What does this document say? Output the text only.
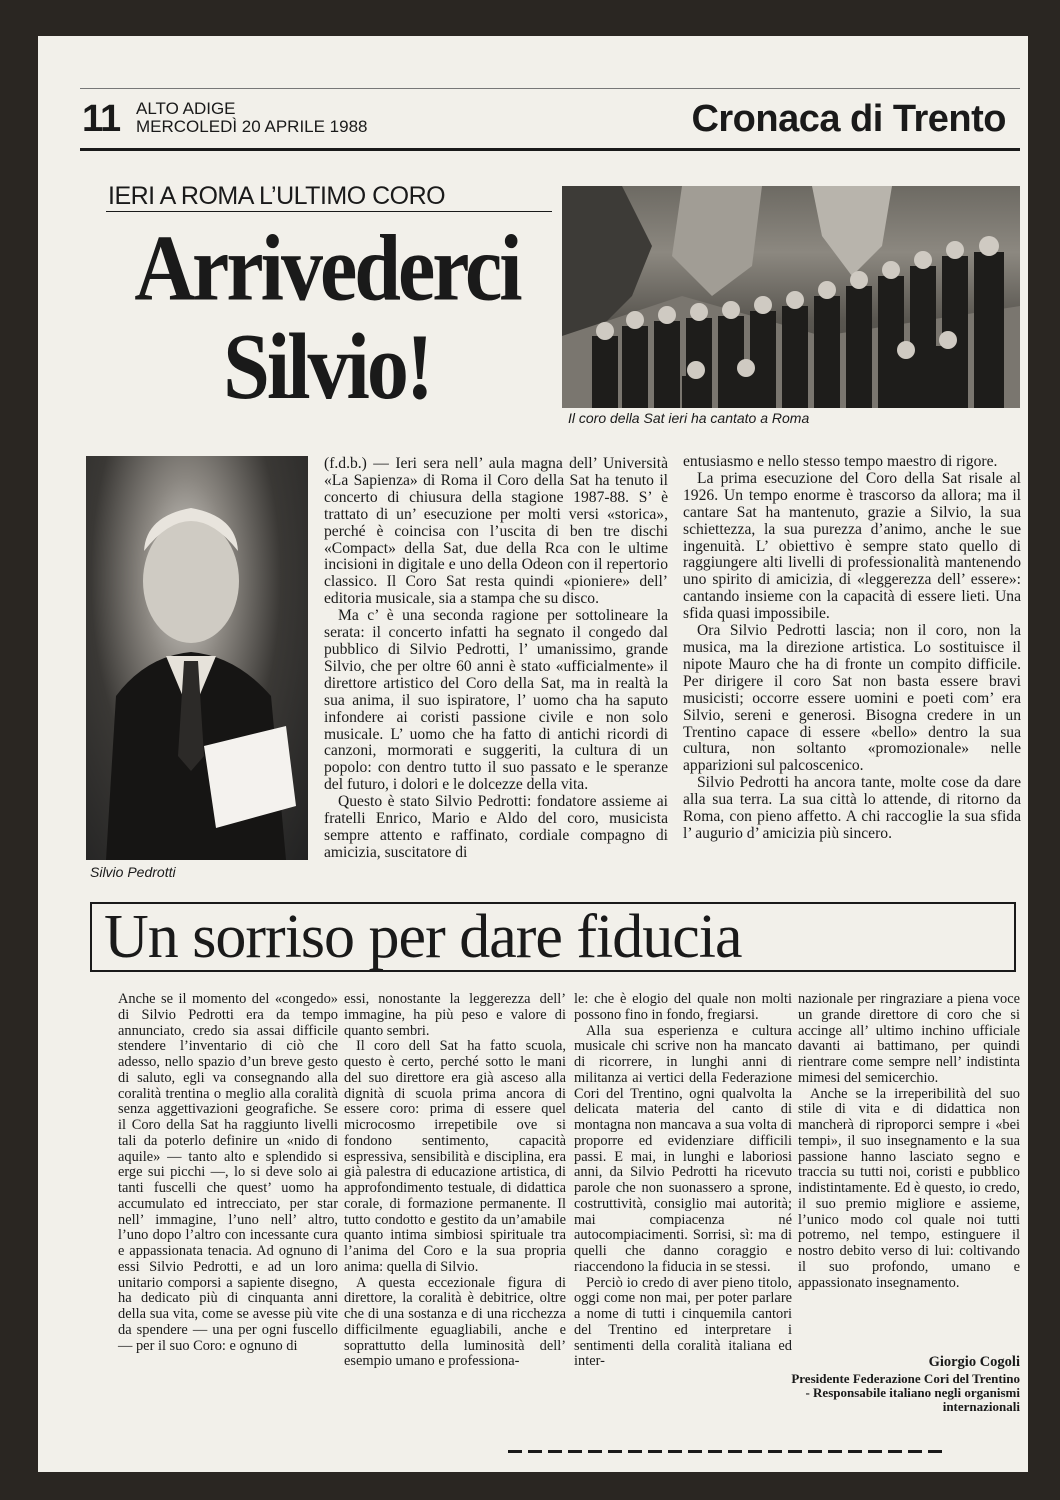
11 ALTO ADIGE
MERCOLEDÌ 20 APRILE 1988	Cronaca di Trento
IERI A ROMA L’ULTIMO CORO
Arrivederci
Silvio!	Il coro della Sat ieri ha cantato a Roma
Silvio Pedrotti

(f.d.b.) — Ieri sera nell’ aula magna dell’ Università «La Sapienza» di Roma il Coro della Sat ha tenuto il concerto di chiusura della stagione 1987-88. S’ è trattato di un’ esecuzione per molti versi «storica», perché è coincisa con l’uscita di ben tre dischi «Compact» della Sat, due della Rca con le ultime incisioni in digitale e uno della Odeon con il repertorio classico. Il Coro Sat resta quindi «pioniere» dell’ editoria musicale, sia a stampa che su disco.

Ma c’ è una seconda ragione per sottolineare la serata: il concerto infatti ha segnato il congedo dal pubblico di Silvio Pedrotti, l’ umanissimo, grande Silvio, che per oltre 60 anni è stato «ufficialmente» il direttore artistico del Coro della Sat, ma in realtà la sua anima, il suo ispiratore, l’ uomo cha ha saputo infondere ai coristi passione civile e non solo musicale. L’ uomo che ha fatto di antichi ricordi di canzoni, mormorati e suggeriti, la cultura di un popolo: con dentro tutto il suo passato e le speranze del futuro, i dolori e le dolcezze della vita.

Questo è stato Silvio Pedrotti: fondatore assieme ai fratelli Enrico, Mario e Aldo del coro, musicista sempre attento e raffinato, cordiale compagno di amicizia, suscitatore di

entusiasmo e nello stesso tempo maestro di rigore.

La prima esecuzione del Coro della Sat risale al 1926. Un tempo enorme è trascorso da allora; ma il cantare Sat ha mantenuto, grazie a Silvio, la sua schiettezza, la sua purezza d’animo, anche le sue ingenuità. L’ obiettivo è sempre stato quello di raggiungere alti livelli di professionalità mantenendo uno spirito di amicizia, di «leggerezza dell’ essere»: cantando insieme con la capacità di essere lieti. Una sfida quasi impossibile.

Ora Silvio Pedrotti lascia; non il coro, non la musica, ma la direzione artistica. Lo sostituisce il nipote Mauro che ha di fronte un compito difficile. Per dirigere il coro Sat non basta essere bravi musicisti; occorre essere uomini e poeti com’ era Silvio, sereni e generosi. Bisogna credere in un Trentino capace di essere «bello» dentro la sua cultura, non soltanto «promozionale» nelle apparizioni sul palcoscenico.

Silvio Pedrotti ha ancora tante, molte cose da dare alla sua terra. La sua città lo attende, di ritorno da Roma, con pieno affetto. A chi raccoglie la sua sfida l’ augurio d’ amicizia più sincero.

Un sorriso per dare fiducia

Anche se il momento del «congedo» di Silvio Pedrotti era da tempo annunciato, credo sia assai difficile stendere l’inventario di ciò che adesso, nello spazio d’un breve gesto di saluto, egli va consegnando alla coralità trentina o meglio alla coralità senza aggettivazioni geografiche. Se il Coro della Sat ha raggiunto livelli tali da poterlo definire un «nido di aquile» — tanto alto e splendido si erge sui picchi —, lo si deve solo ai tanti fuscelli che quest’ uomo ha accumulato ed intrecciato, per star nell’ immagine, l’uno nell’ altro, l’uno dopo l’altro con incessante cura e appassionata tenacia. Ad ognuno di essi Silvio Pedrotti, e ad un loro unitario comporsi a sapiente disegno, ha dedicato più di cinquanta anni della sua vita, come se avesse più vite da spendere — una per ogni fuscello — per il suo Coro: e ognuno di

essi, nonostante la leggerezza dell’ immagine, ha più peso e valore di quanto sembri.

Il coro dell Sat ha fatto scuola, questo è certo, perché sotto le mani del suo direttore era già asceso alla dignità di scuola prima ancora di essere coro: prima di essere quel microcosmo irrepetibile ove si fondono sentimento, capacità espressiva, sensibilità e disciplina, era già palestra di educazione artistica, di approfondimento testuale, di didattica corale, di formazione permanente. Il tutto condotto e gestito da un’amabile quanto intima simbiosi spirituale tra l’anima del Coro e la sua propria anima: quella di Silvio.

A questa eccezionale figura di direttore, la coralità è debitrice, oltre che di una sostanza e di una ricchezza difficilmente eguagliabili, anche e soprattutto della luminosità dell’ esempio umano e professiona-

le: che è elogio del quale non molti possono fino in fondo, fregiarsi.

Alla sua esperienza e cultura musicale chi scrive non ha mancato di ricorrere, in lunghi anni di militanza ai vertici della Federazione Cori del Trentino, ogni qualvolta la delicata materia del canto di montagna non mancava a sua volta di proporre ed evidenziare difficili passi. E mai, in lunghi e laboriosi anni, da Silvio Pedrotti ha ricevuto parole che non suonassero a sprone, costruttività, consiglio mai autorità; mai compiacenza né autocompiacimenti. Sorrisi, sì: ma di quelli che danno coraggio e riaccendono la fiducia in se stessi.

Perciò io credo di aver pieno titolo, oggi come non mai, per poter parlare a nome di tutti i cinquemila cantori del Trentino ed interpretare i sentimenti della coralità italiana ed inter-

nazionale per ringraziare a piena voce un grande direttore di coro che si accinge all’ ultimo inchino ufficiale davanti ai battimano, per quindi rientrare come sempre nell’ indistinta mimesi del semicerchio.

Anche se la irreperibilità del suo stile di vita e di didattica non mancherà di riproporci sempre i «bei tempi», il suo insegnamento e la sua passione hanno lasciato segno e traccia su tutti noi, coristi e pubblico indistintamente. Ed è questo, io credo, il suo premio migliore e assieme, l’unico modo col quale noi tutti potremo, nel tempo, estinguere il nostro debito verso di lui: coltivando il suo profondo, umano e appassionato insegnamento.

Giorgio Cogoli
Presidente Federazione Cori del Trentino - Responsabile italiano negli organismi internazionali
